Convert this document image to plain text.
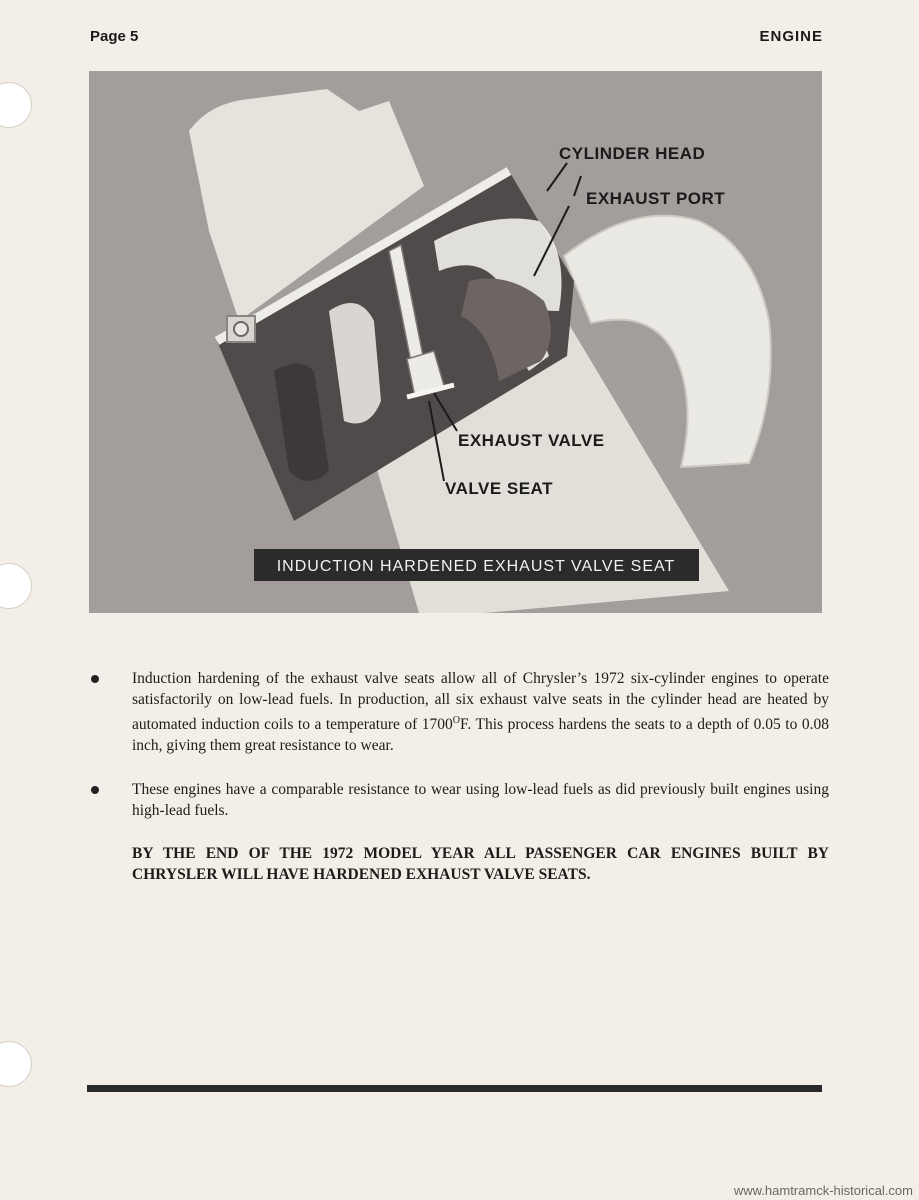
Page 5	ENGINE
CYLINDER HEAD
EXHAUST PORT
EXHAUST VALVE
VALVE SEAT
INDUCTION HARDENED EXHAUST VALVE SEAT

Induction hardening of the exhaust valve seats allow all of Chrysler’s 1972 six-cylinder engines to operate satisfactorily on low-lead fuels. In production, all six exhaust valve seats in the cylinder head are heated by automated induction coils to a temperature of $1700^OF$. This process hardens the seats to a depth of 0.05 to 0.08 inch, giving them great resistance to wear.

These engines have a comparable resistance to wear using low-lead fuels as did previously built engines using high-lead fuels.

BY THE END OF THE 1972 MODEL YEAR ALL PASSENGER CAR ENGINES BUILT BY CHRYSLER WILL HAVE HARDENED EXHAUST VALVE SEATS.

www.hamtramck-historical.com
